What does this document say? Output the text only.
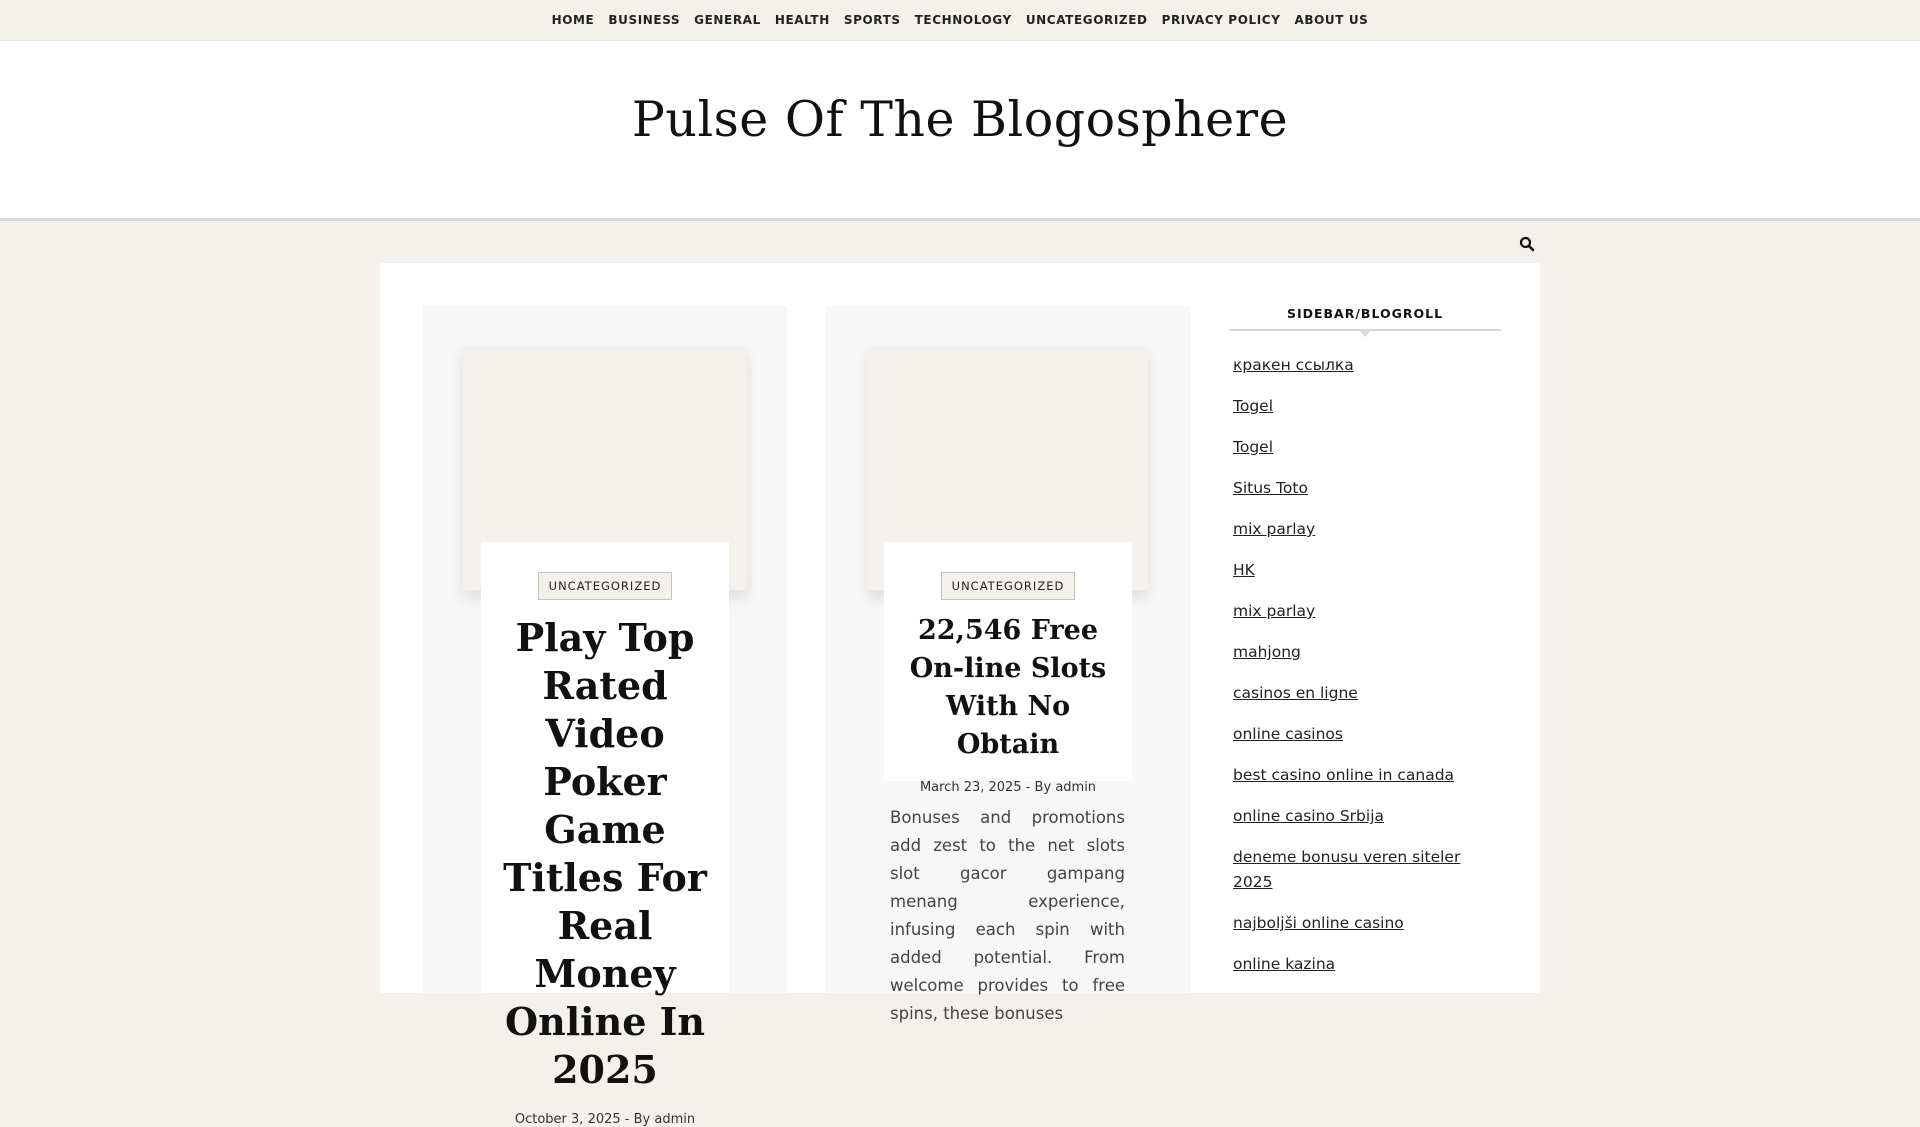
HOME	BUSINESS	GENERAL	HEALTH	SPORTS	TECHNOLOGY	UNCATEGORIZED	PRIVACY POLICY	ABOUT US
Pulse Of The Blogosphere
UNCATEGORIZED
Play Top Rated Video Poker Game Titles For Real Money Online In 2025
October 3, 2025 - By admin
UNCATEGORIZED
22,546 Free On-line Slots With No Obtain
March 23, 2025 - By admin

Bonuses and promotions add zest to the net slots slot gacor gampang menang experience, infusing each spin with added potential. From welcome provides to free spins, these bonuses

SIDEBAR/BLOGROLL
кракен ссылка
Togel
Togel
Situs Toto
mix parlay
HK
mix parlay
mahjong
casinos en ligne
online casinos
best casino online in canada
online casino Srbija
deneme bonusu veren siteler 2025
najbolјši online casino
online kazina
